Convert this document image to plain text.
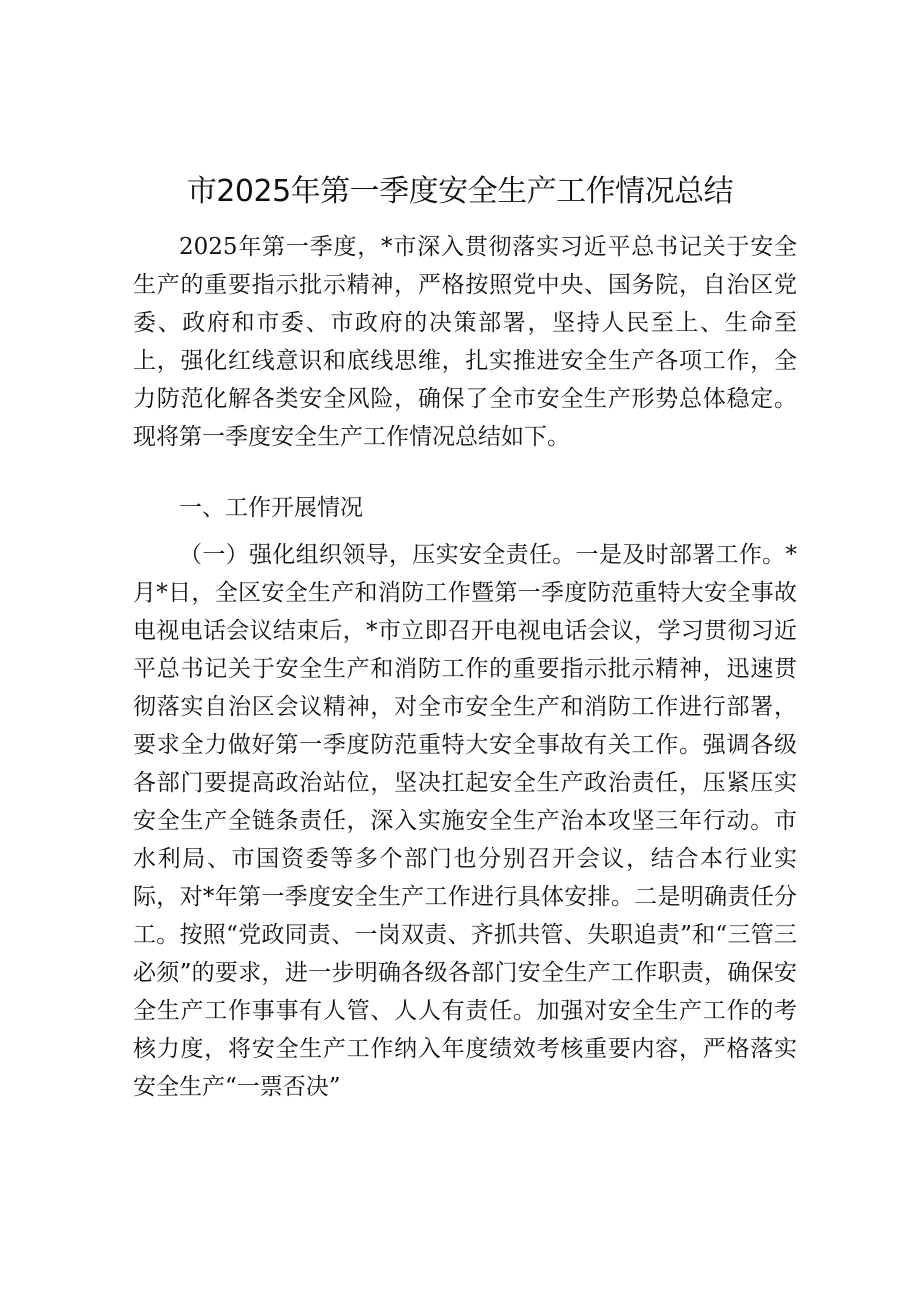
市2025年第一季度安全生产工作情况总结

2025年第一季度，*市深入贯彻落实习近平总书记关于安全生产的重要指示批示精神，严格按照党中央、国务院，自治区党委、政府和市委、市政府的决策部署，坚持人民至上、生命至上，强化红线意识和底线思维，扎实推进安全生产各项工作，全力防范化解各类安全风险，确保了全市安全生产形势总体稳定。现将第一季度安全生产工作情况总结如下。

一、工作开展情况

（一）强化组织领导，压实安全责任。一是及时部署工作。*月*日，全区安全生产和消防工作暨第一季度防范重特大安全事故电视电话会议结束后，*市立即召开电视电话会议，学习贯彻习近平总书记关于安全生产和消防工作的重要指示批示精神，迅速贯彻落实自治区会议精神，对全市安全生产和消防工作进行部署，要求全力做好第一季度防范重特大安全事故有关工作。强调各级各部门要提高政治站位，坚决扛起安全生产政治责任，压紧压实安全生产全链条责任，深入实施安全生产治本攻坚三年行动。市水利局、市国资委等多个部门也分别召开会议，结合本行业实际，对*年第一季度安全生产工作进行具体安排。二是明确责任分工。按照“党政同责、一岗双责、齐抓共管、失职追责”和“三管三必须”的要求，进一步明确各级各部门安全生产工作职责，确保安全生产工作事事有人管、人人有责任。加强对安全生产工作的考核力度，将安全生产工作纳入年度绩效考核重要内容，严格落实安全生产“一票否决”
